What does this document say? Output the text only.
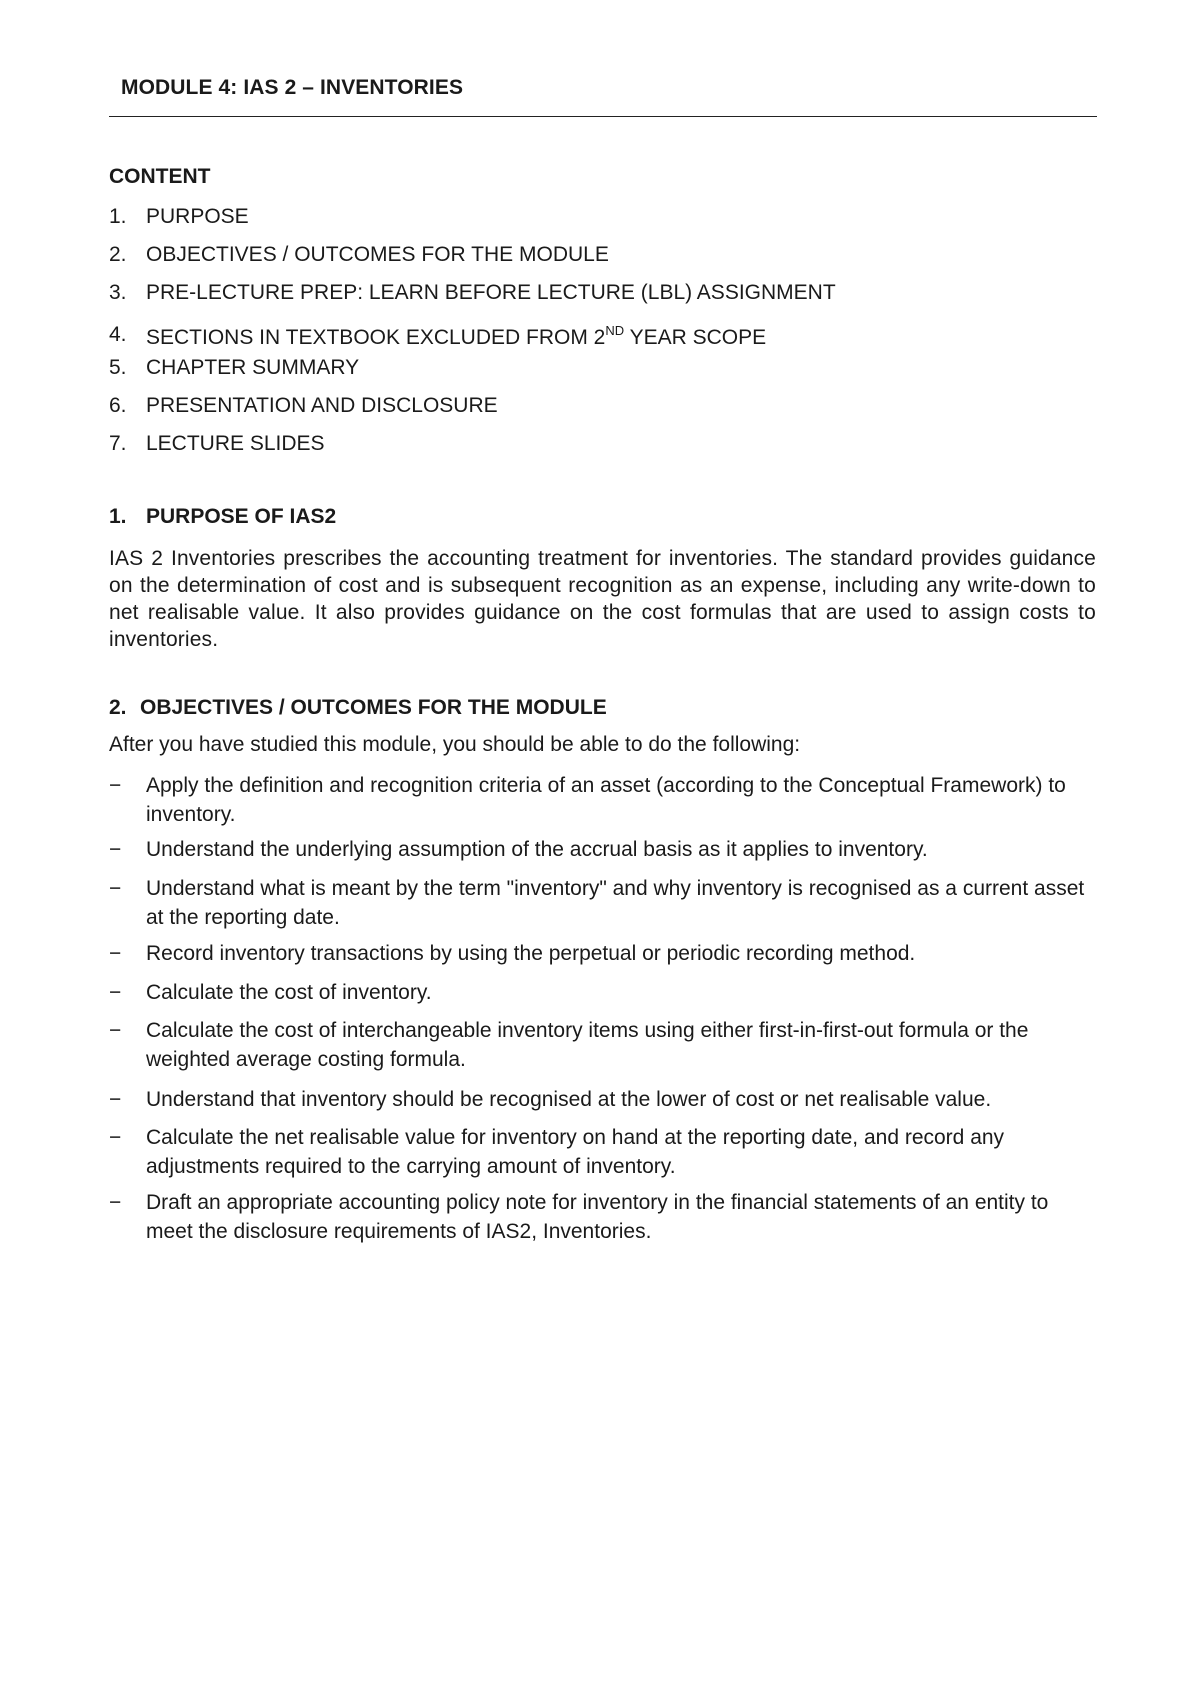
MODULE 4: IAS 2 – INVENTORIES
CONTENT
1. PURPOSE
2. OBJECTIVES / OUTCOMES FOR THE MODULE
3. PRE-LECTURE PREP: LEARN BEFORE LECTURE (LBL) ASSIGNMENT
4. SECTIONS IN TEXTBOOK EXCLUDED FROM 2ND YEAR SCOPE
5. CHAPTER SUMMARY
6. PRESENTATION AND DISCLOSURE
7. LECTURE SLIDES
1. PURPOSE OF IAS2
IAS 2 Inventories prescribes the accounting treatment for inventories. The standard provides guidance on the determination of cost and is subsequent recognition as an expense, including any write-down to net realisable value. It also provides guidance on the cost formulas that are used to assign costs to inventories.
2. OBJECTIVES / OUTCOMES FOR THE MODULE
After you have studied this module, you should be able to do the following:
−	Apply the definition and recognition criteria of an asset (according to the Conceptual Framework) to inventory.
−	Understand the underlying assumption of the accrual basis as it applies to inventory.
−	Understand what is meant by the term "inventory" and why inventory is recognised as a current asset at the reporting date.
−	Record inventory transactions by using the perpetual or periodic recording method.
−	Calculate the cost of inventory.
−	Calculate the cost of interchangeable inventory items using either first-in-first-out formula or the weighted average costing formula.
−	Understand that inventory should be recognised at the lower of cost or net realisable value.
−	Calculate the net realisable value for inventory on hand at the reporting date, and record any adjustments required to the carrying amount of inventory.
−	Draft an appropriate accounting policy note for inventory in the financial statements of an entity to meet the disclosure requirements of IAS2, Inventories.
